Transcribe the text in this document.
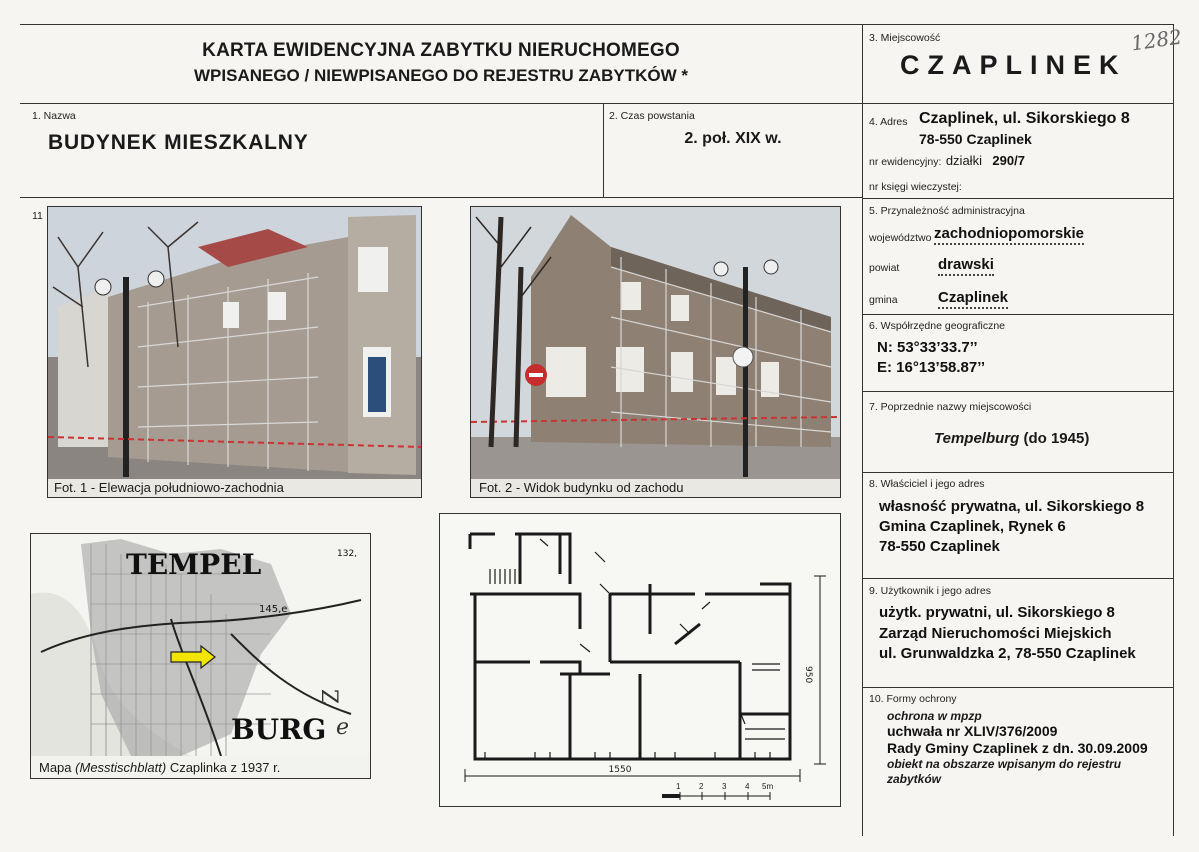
KARTA EWIDENCYJNA ZABYTKU NIERUCHOMEGO
WPISANEGO / NIEWPISANEGO DO REJESTRU ZABYTKÓW *
3. Miejscowość
CZAPLINEK
1282
1. Nazwa
BUDYNEK MIESZKALNY
2. Czas powstania
2. poł. XIX w.
4. Adres Czaplinek, ul. Sikorskiego 8
78-550 Czaplinek
nr ewidencyjny: działki 290/7
nr księgi wieczystej:
5. Przynależność administracyjna
województwo zachodniopomorskie
powiat	drawski
gmina	Czaplinek
6. Współrzędne geograficzne
N: 53°33’33.7’’
E: 16°13’58.87’’
7. Poprzednie nazwy miejscowości
Tempelburg (do 1945)
8. Właściciel i jego adres
własność prywatna, ul. Sikorskiego 8
Gmina Czaplinek, Rynek 6
78-550 Czaplinek
9. Użytkownik i jego adres
użytk. prywatni, ul. Sikorskiego 8
Zarząd Nieruchomości Miejskich
ul. Grunwaldzka 2, 78-550 Czaplinek
10. Formy ochrony
ochrona w mpzp
uchwała nr XLIV/376/2009
Rady Gminy Czaplinek z dn. 30.09.2009
obiekt na obszarze wpisanym do rejestru
zabytków
11
Fot. 1 - Elewacja południowo-zachodnia	Fot. 2 - Widok budynku od zachodu
TEMPEL
BURG
132,
145,e
e
Z
Mapa (Messtischblatt) Czaplinka z 1937 r.	1550
950
1 2 3 4 5m
